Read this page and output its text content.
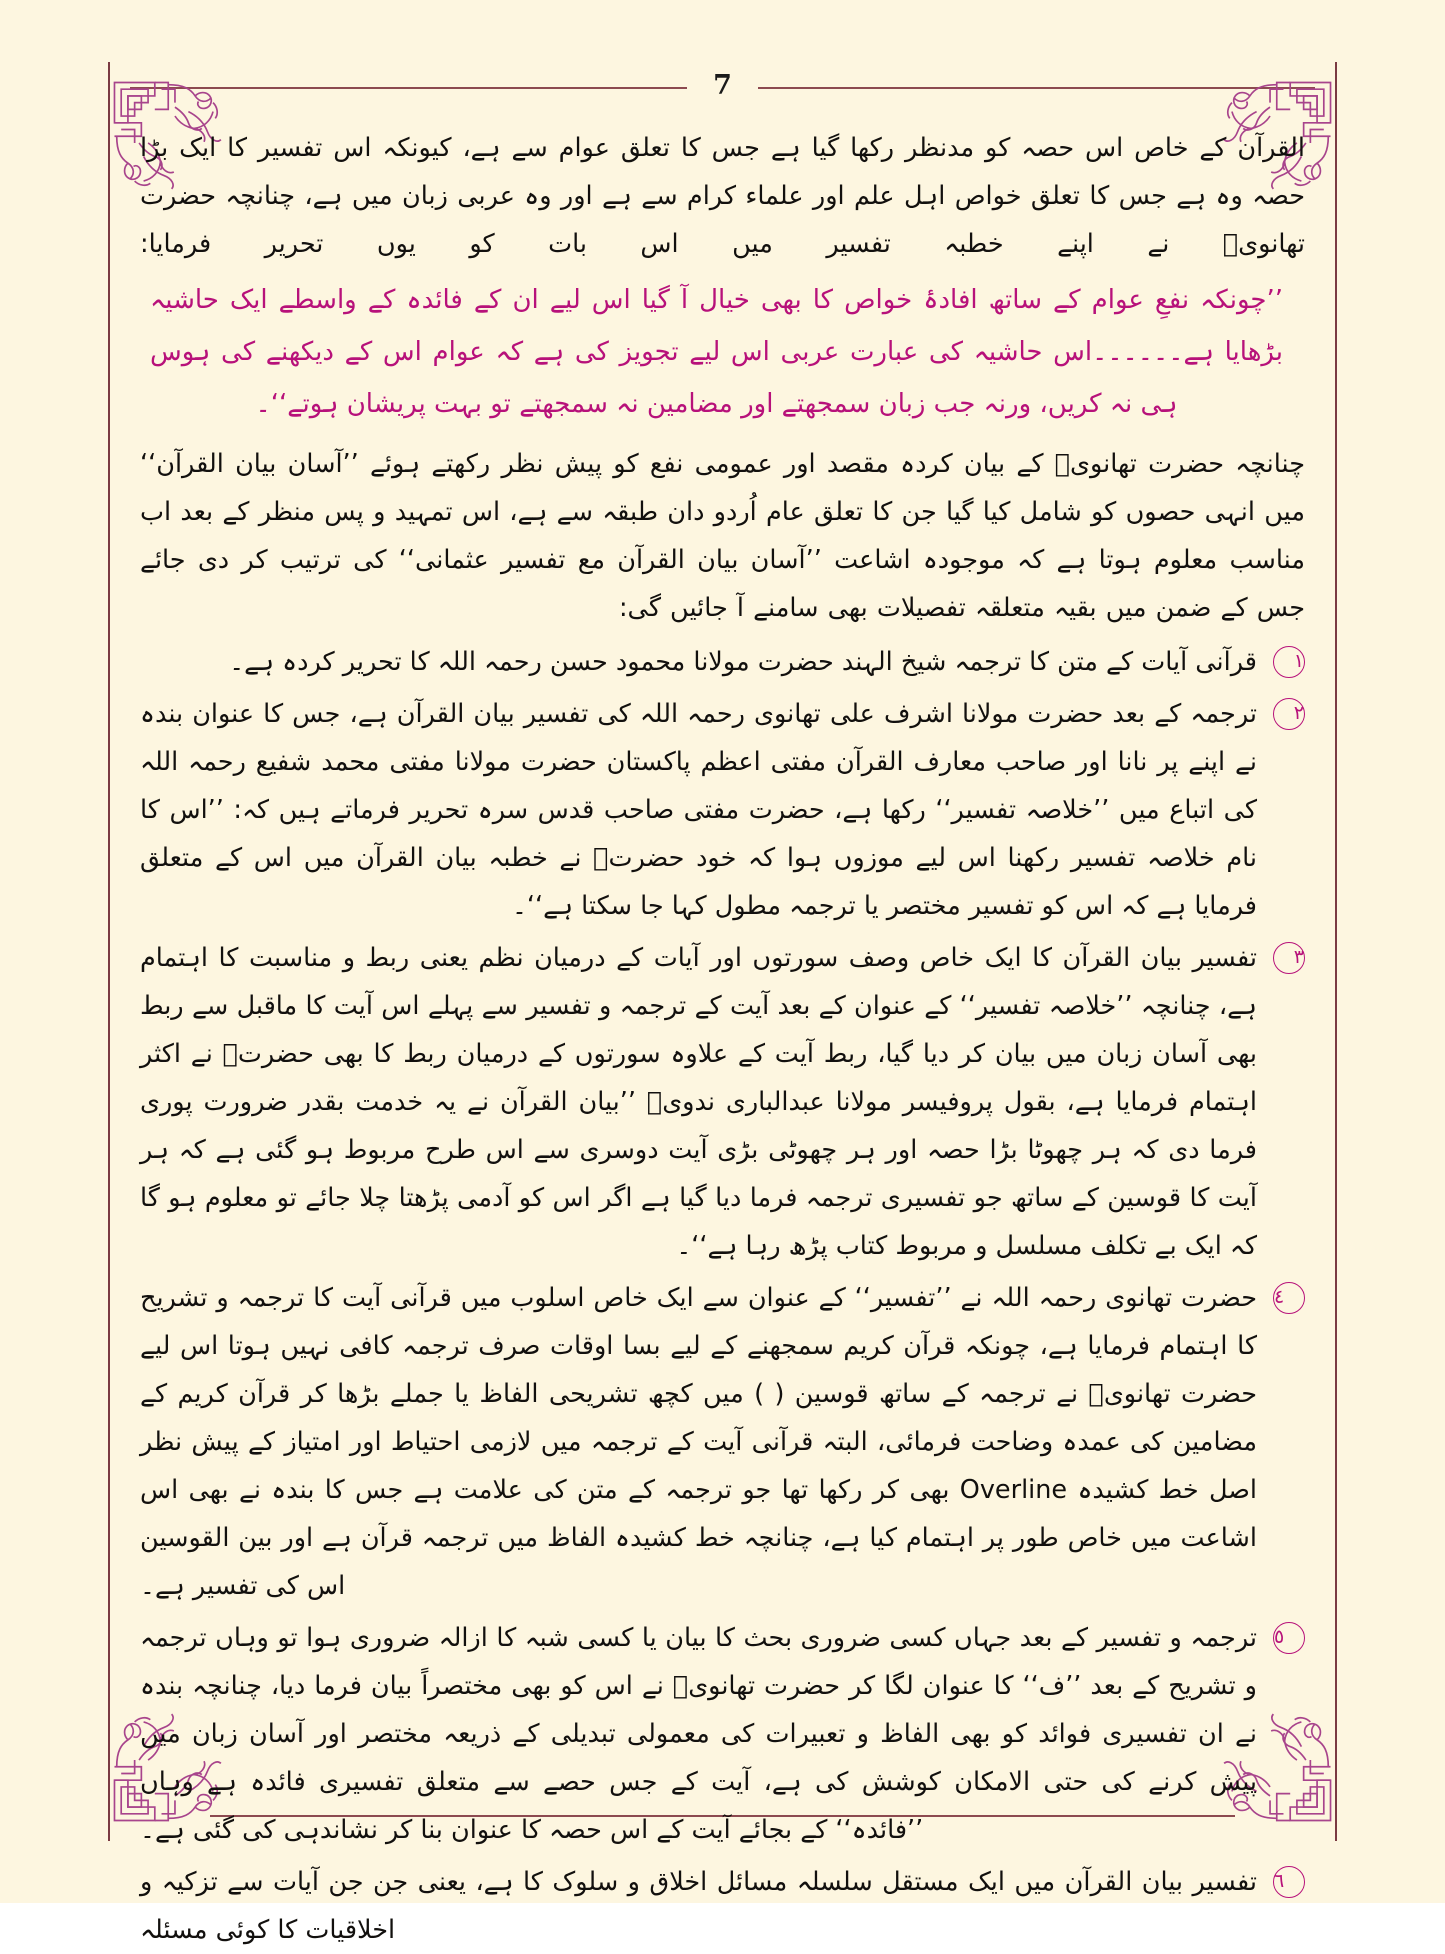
7

القرآن کے خاص اس حصہ کو مدنظر رکھا گیا ہے جس کا تعلق عوام سے ہے، کیونکہ اس تفسیر کا ایک بڑا حصہ وہ ہے جس کا تعلق خواص اہل علم اور علماء کرام سے ہے اور وہ عربی زبان میں ہے، چنانچہ حضرت تھانویؒ نے اپنے خطبہ تفسیر میں اس بات کو یوں تحریر فرمایا:

’’چونکہ نفعِ عوام کے ساتھ افادۂ خواص کا بھی خیال آ گیا اس لیے ان کے فائدہ کے واسطے ایک حاشیہ بڑھایا ہے۔۔۔۔۔۔اس حاشیہ کی عبارت عربی اس لیے تجویز کی ہے کہ عوام اس کے دیکھنے کی ہوس ہی نہ کریں، ورنہ جب زبان سمجھتے اور مضامین نہ سمجھتے تو بہت پریشان ہوتے‘‘۔

چنانچہ حضرت تھانویؒ کے بیان کردہ مقصد اور عمومی نفع کو پیش نظر رکھتے ہوئے ’’آسان بیان القرآن‘‘ میں انہی حصوں کو شامل کیا گیا جن کا تعلق عام اُردو دان طبقہ سے ہے، اس تمہید و پس منظر کے بعد اب مناسب معلوم ہوتا ہے کہ موجودہ اشاعت ’’آسان بیان القرآن مع تفسیر عثمانی‘‘ کی ترتیب کر دی جائے جس کے ضمن میں بقیہ متعلقہ تفصیلات بھی سامنے آ جائیں گی:

١
قرآنی آیات کے متن کا ترجمہ شیخ الہند حضرت مولانا محمود حسن رحمہ اللہ کا تحریر کردہ ہے۔
٢
ترجمہ کے بعد حضرت مولانا اشرف علی تھانوی رحمہ اللہ کی تفسیر بیان القرآن ہے، جس کا عنوان بندہ نے اپنے پر نانا اور صاحب معارف القرآن مفتی اعظم پاکستان حضرت مولانا مفتی محمد شفیع رحمہ اللہ کی اتباع میں ’’خلاصہ تفسیر‘‘ رکھا ہے، حضرت مفتی صاحب قدس سرہ تحریر فرماتے ہیں کہ: ’’اس کا نام خلاصہ تفسیر رکھنا اس لیے موزوں ہوا کہ خود حضرتؒ نے خطبہ بیان القرآن میں اس کے متعلق فرمایا ہے کہ اس کو تفسیر مختصر یا ترجمہ مطول کہا جا سکتا ہے‘‘۔
٣
تفسیر بیان القرآن کا ایک خاص وصف سورتوں اور آیات کے درمیان نظم یعنی ربط و مناسبت کا اہتمام ہے، چنانچہ ’’خلاصہ تفسیر‘‘ کے عنوان کے بعد آیت کے ترجمہ و تفسیر سے پہلے اس آیت کا ماقبل سے ربط بھی آسان زبان میں بیان کر دیا گیا، ربط آیت کے علاوہ سورتوں کے درمیان ربط کا بھی حضرتؒ نے اکثر اہتمام فرمایا ہے، بقول پروفیسر مولانا عبدالباری ندویؒ ’’بیان القرآن نے یہ خدمت بقدر ضرورت پوری فرما دی کہ ہر چھوٹا بڑا حصہ اور ہر چھوٹی بڑی آیت دوسری سے اس طرح مربوط ہو گئی ہے کہ ہر آیت کا قوسین کے ساتھ جو تفسیری ترجمہ فرما دیا گیا ہے اگر اس کو آدمی پڑھتا چلا جائے تو معلوم ہو گا کہ ایک بے تکلف مسلسل و مربوط کتاب پڑھ رہا ہے‘‘۔
٤
حضرت تھانوی رحمہ اللہ نے ’’تفسیر‘‘ کے عنوان سے ایک خاص اسلوب میں قرآنی آیت کا ترجمہ و تشریح کا اہتمام فرمایا ہے، چونکہ قرآن کریم سمجھنے کے لیے بسا اوقات صرف ترجمہ کافی نہیں ہوتا اس لیے حضرت تھانویؒ نے ترجمہ کے ساتھ قوسین ( ) میں کچھ تشریحی الفاظ یا جملے بڑھا کر قرآن کریم کے مضامین کی عمدہ وضاحت فرمائی، البتہ قرآنی آیت کے ترجمہ میں لازمی احتیاط اور امتیاز کے پیش نظر اصل خط کشیدہ Overline بھی کر رکھا تھا جو ترجمہ کے متن کی علامت ہے جس کا بندہ نے بھی اس اشاعت میں خاص طور پر اہتمام کیا ہے، چنانچہ خط کشیدہ الفاظ میں ترجمہ قرآن ہے اور بین القوسین اس کی تفسیر ہے۔
٥
ترجمہ و تفسیر کے بعد جہاں کسی ضروری بحث کا بیان یا کسی شبہ کا ازالہ ضروری ہوا تو وہاں ترجمہ و تشریح کے بعد ’’ف‘‘ کا عنوان لگا کر حضرت تھانویؒ نے اس کو بھی مختصراً بیان فرما دیا، چنانچہ بندہ نے ان تفسیری فوائد کو بھی الفاظ و تعبیرات کی معمولی تبدیلی کے ذریعہ مختصر اور آسان زبان میں پیش کرنے کی حتی الامکان کوشش کی ہے، آیت کے جس حصے سے متعلق تفسیری فائدہ ہے وہاں ’’فائدہ‘‘ کے بجائے آیت کے اس حصہ کا عنوان بنا کر نشاندہی کی گئی ہے۔
٦
تفسیر بیان القرآن میں ایک مستقل سلسلہ مسائل اخلاق و سلوک کا ہے، یعنی جن جن آیات سے تزکیہ و اخلاقیات کا کوئی مسئلہ
